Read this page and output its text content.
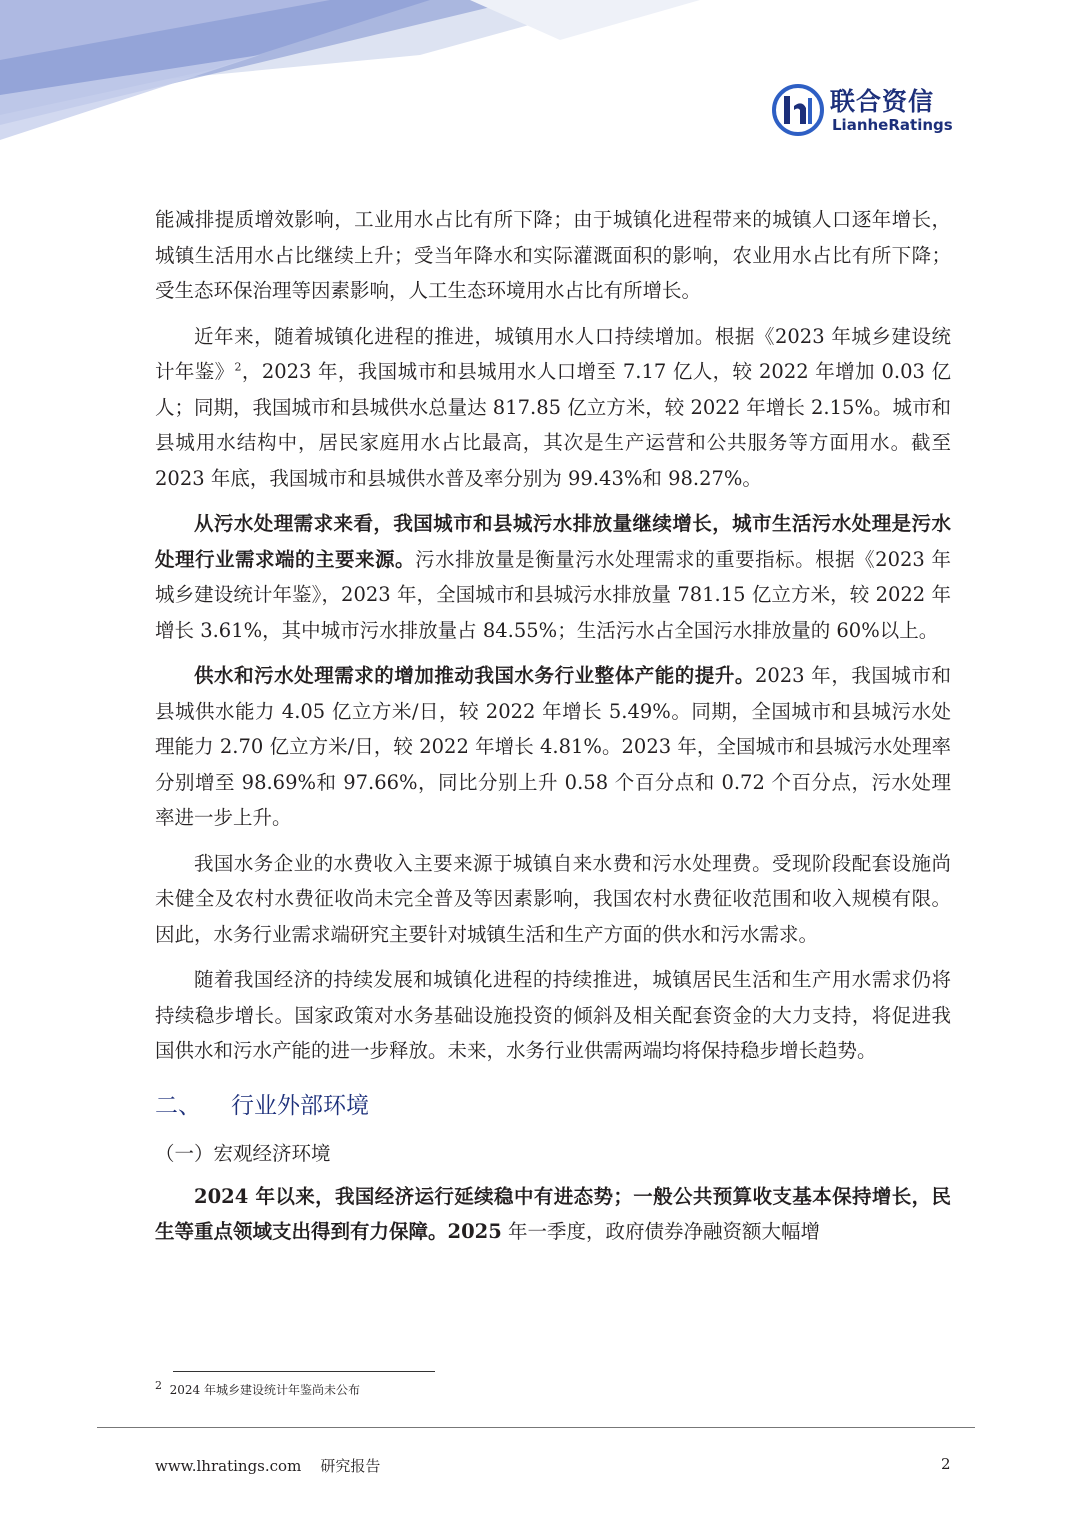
联合资信
LianheRatings

能减排提质增效影响，工业用水占比有所下降；由于城镇化进程带来的城镇人口逐年增长，城镇生活用水占比继续上升；受当年降水和实际灌溉面积的影响，农业用水占比有所下降；受生态环保治理等因素影响，人工生态环境用水占比有所增长。

近年来，随着城镇化进程的推进，城镇用水人口持续增加。根据《2023 年城乡建设统计年鉴》$^2$，2023 年，我国城市和县城用水人口增至 7.17 亿人，较 2022 年增加 0.03 亿人；同期，我国城市和县城供水总量达 817.85 亿立方米，较 2022 年增长 2.15%。城市和县城用水结构中，居民家庭用水占比最高，其次是生产运营和公共服务等方面用水。截至 2023 年底，我国城市和县城供水普及率分别为 99.43%和 98.27%。

从污水处理需求来看，我国城市和县城污水排放量继续增长，城市生活污水处理是污水处理行业需求端的主要来源。污水排放量是衡量污水处理需求的重要指标。根据《2023 年城乡建设统计年鉴》，2023 年，全国城市和县城污水排放量 781.15 亿立方米，较 2022 年增长 3.61%，其中城市污水排放量占 84.55%；生活污水占全国污水排放量的 60%以上。

供水和污水处理需求的增加推动我国水务行业整体产能的提升。2023 年，我国城市和县城供水能力 4.05 亿立方米/日，较 2022 年增长 5.49%。同期，全国城市和县城污水处理能力 2.70 亿立方米/日，较 2022 年增长 4.81%。2023 年，全国城市和县城污水处理率分别增至 98.69%和 97.66%，同比分别上升 0.58 个百分点和 0.72 个百分点，污水处理率进一步上升。

我国水务企业的水费收入主要来源于城镇自来水费和污水处理费。受现阶段配套设施尚未健全及农村水费征收尚未完全普及等因素影响，我国农村水费征收范围和收入规模有限。因此，水务行业需求端研究主要针对城镇生活和生产方面的供水和污水需求。

随着我国经济的持续发展和城镇化进程的持续推进，城镇居民生活和生产用水需求仍将持续稳步增长。国家政策对水务基础设施投资的倾斜及相关配套资金的大力支持，将促进我国供水和污水产能的进一步释放。未来，水务行业供需两端均将保持稳步增长趋势。

二、 行业外部环境
（一）宏观经济环境

2024 年以来，我国经济运行延续稳中有进态势；一般公共预算收支基本保持增长，民生等重点领域支出得到有力保障。2025 年一季度，政府债券净融资额大幅增

2 2024 年城乡建设统计年鉴尚未公布
www.lhratings.com 研究报告	2
